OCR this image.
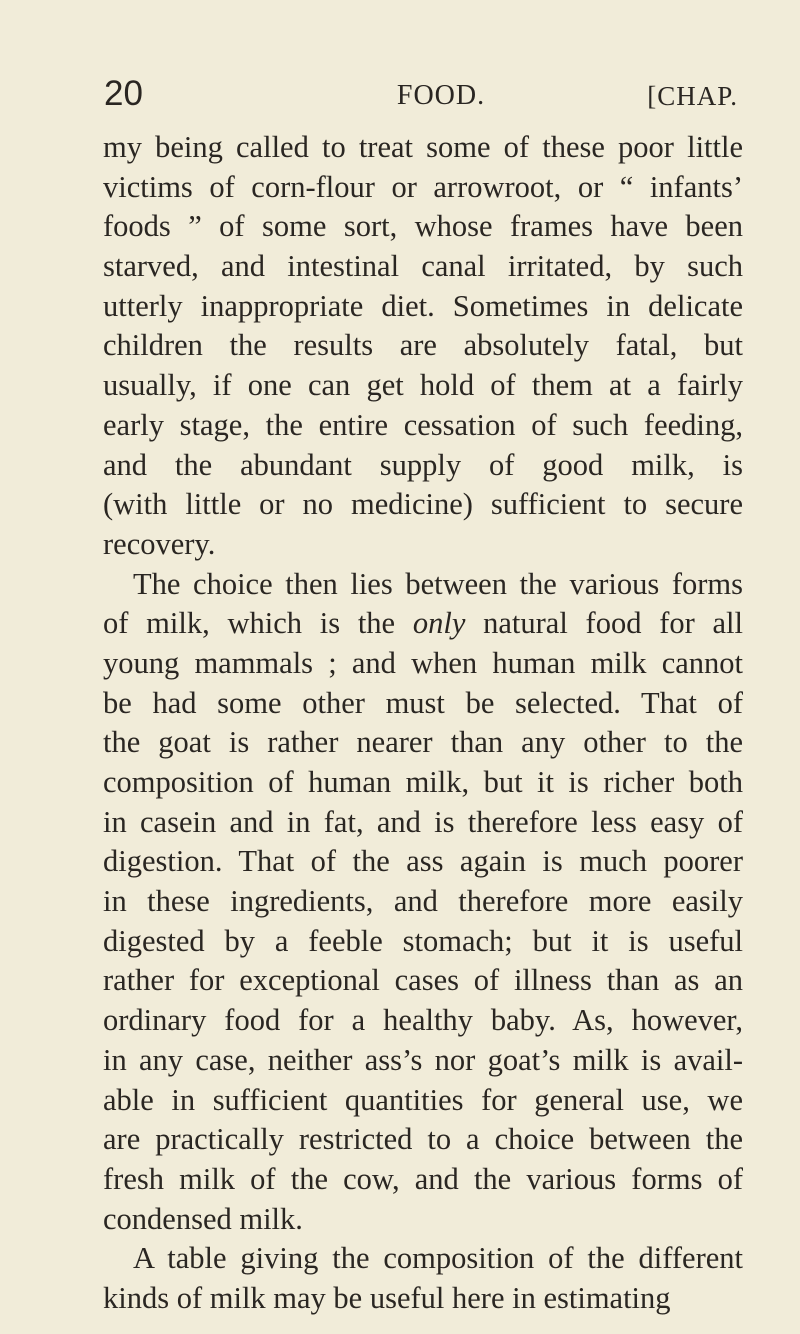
20	FOOD.	[CHAP.
my being called to treat some of these poor little
victims of corn-flour or arrowroot, or “ infants’
foods ” of some sort, whose frames have been
starved, and intestinal canal irritated, by such
utterly inappropriate diet. Sometimes in delicate
children the results are absolutely fatal, but
usually, if one can get hold of them at a fairly
early stage, the entire cessation of such feeding,
and the abundant supply of good milk, is
(with little or no medicine) sufficient to secure
recovery.
The choice then lies between the various forms
of milk, which is the only natural food for all
young mammals ; and when human milk cannot
be had some other must be selected. That of
the goat is rather nearer than any other to the
composition of human milk, but it is richer both
in casein and in fat, and is therefore less easy of
digestion. That of the ass again is much poorer
in these ingredients, and therefore more easily
digested by a feeble stomach; but it is useful
rather for exceptional cases of illness than as an
ordinary food for a healthy baby. As, however,
in any case, neither ass’s nor goat’s milk is avail-
able in sufficient quantities for general use, we
are practically restricted to a choice between the
fresh milk of the cow, and the various forms of
condensed milk.
A table giving the composition of the different
kinds of milk may be useful here in estimating
